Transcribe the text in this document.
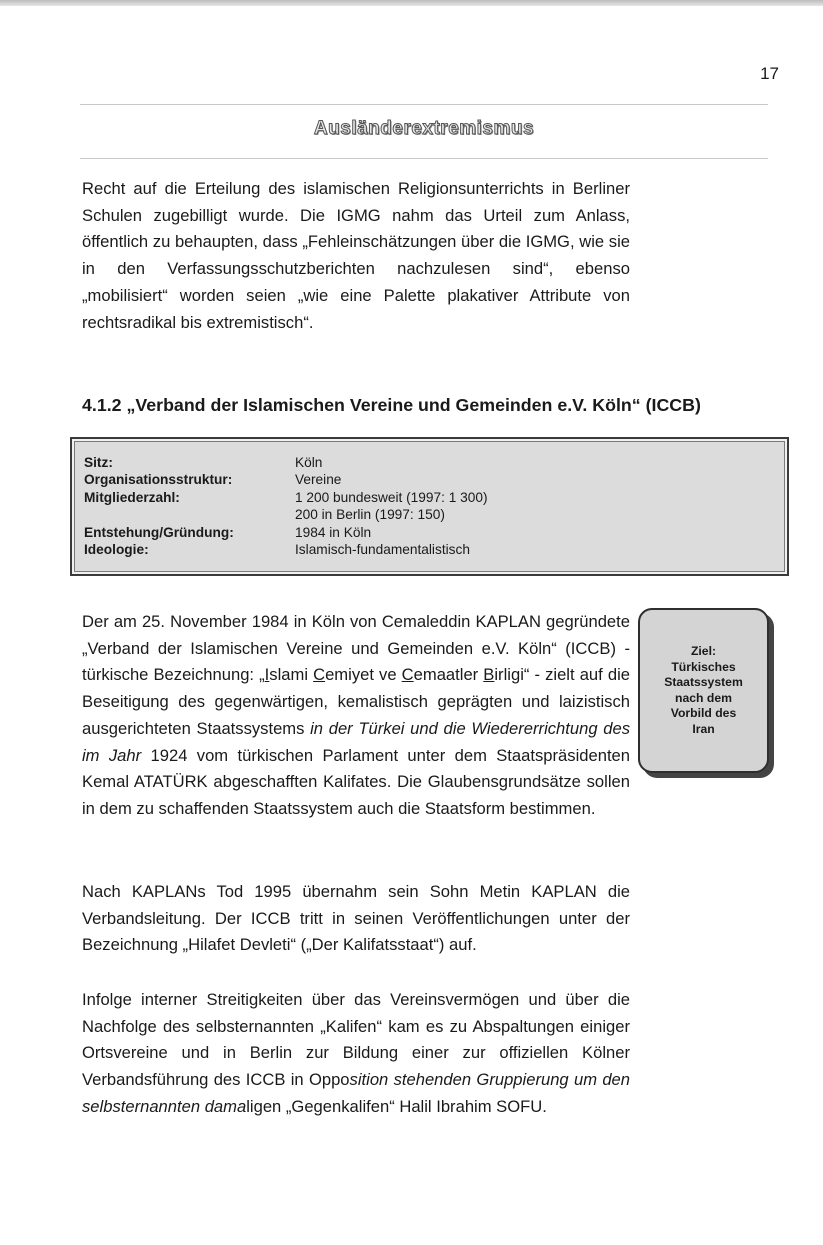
17
Ausländerextremismus

Recht auf die Erteilung des islamischen Religionsunterrichts in Berliner Schulen zugebilligt wurde. Die IGMG nahm das Urteil zum Anlass, öffentlich zu behaupten, dass „Fehleinschätzungen über die IGMG, wie sie in den Verfassungsschutzberichten nachzulesen sind“, ebenso „mobilisiert“ worden seien „wie eine Palette plakativer Attribute von rechtsradikal bis extremistisch“.

4.1.2 „Verband der Islamischen Vereine und Gemeinden e.V. Köln“ (ICCB)
Sitz:	Köln
Organisationsstruktur:	Vereine
Mitgliederzahl:	1 200 bundesweit (1997: 1 300)
	200 in Berlin (1997: 150)
Entstehung/Gründung:	1984 in Köln
Ideologie:	Islamisch-fundamentalistisch

Der am 25. November 1984 in Köln von Cemaleddin KAPLAN gegründete „Verband der Islamischen Vereine und Gemeinden e.V. Köln“ (ICCB) - türkische Bezeichnung: „Islami Cemiyet ve Cemaatler Birligi“ - zielt auf die Beseitigung des gegenwärtigen, kemalistisch geprägten und laizistisch ausgerichteten Staatssystems in der Türkei und die Wiedererrichtung des im Jahr 1924 vom türkischen Parlament unter dem Staatspräsidenten Kemal ATATÜRK abgeschafften Kalifates. Die Glaubensgrundsätze sollen in dem zu schaffenden Staatssystem auch die Staatsform bestimmen.

Nach KAPLANs Tod 1995 übernahm sein Sohn Metin KAPLAN die Verbandsleitung. Der ICCB tritt in seinen Veröffentlichungen unter der Bezeichnung „Hilafet Devleti“ („Der Kalifatsstaat“) auf.

Infolge interner Streitigkeiten über das Vereinsvermögen und über die Nachfolge des selbsternannten „Kalifen“ kam es zu Abspaltungen einiger Ortsvereine und in Berlin zur Bildung einer zur offiziellen Kölner Verbandsführung des ICCB in Opposition stehenden Gruppierung um den selbsternannten damaligen „Gegenkalifen“ Halil Ibrahim SOFU.

Ziel:
Türkisches
Staatssystem
nach dem
Vorbild des
Iran
